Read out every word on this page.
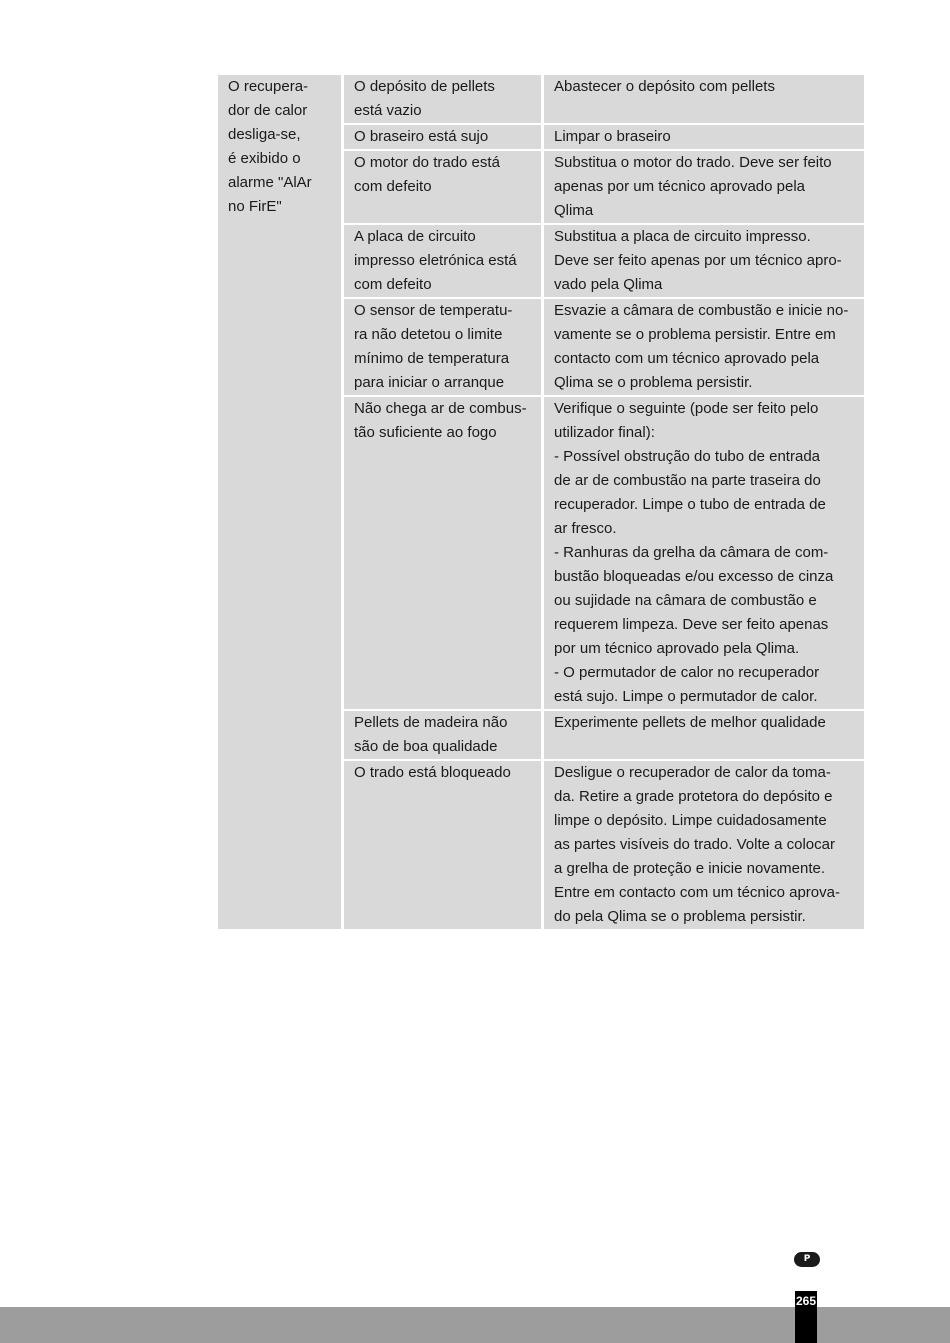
O recupera-
dor de calor
desliga-se,
é exibido o
alarme "AlAr
no FirE"
O depósito de pellets
está vazio
Abastecer o depósito com pellets
O braseiro está sujo	Limpar o braseiro
O motor do trado está
com defeito
Substitua o motor do trado. Deve ser feito
apenas por um técnico aprovado pela
Qlima
A placa de circuito
impresso eletrónica está
com defeito
Substitua a placa de circuito impresso.
Deve ser feito apenas por um técnico apro-
vado pela Qlima
O sensor de temperatu-
ra não detetou o limite
mínimo de temperatura
para iniciar o arranque
Esvazie a câmara de combustão e inicie no-
vamente se o problema persistir. Entre em
contacto com um técnico aprovado pela
Qlima se o problema persistir.
Não chega ar de combus-
tão suficiente ao fogo
Verifique o seguinte (pode ser feito pelo
utilizador final):
- Possível obstrução do tubo de entrada
de ar de combustão na parte traseira do
recuperador. Limpe o tubo de entrada de
ar fresco.
- Ranhuras da grelha da câmara de com-
bustão bloqueadas e/ou excesso de cinza
ou sujidade na câmara de combustão e
requerem limpeza. Deve ser feito apenas
por um técnico aprovado pela Qlima.
- O permutador de calor no recuperador
está sujo. Limpe o permutador de calor.
Pellets de madeira não
são de boa qualidade
Experimente pellets de melhor qualidade
O trado está bloqueado	Desligue o recuperador de calor da toma-
da. Retire a grade protetora do depósito e
limpe o depósito. Limpe cuidadosamente
as partes visíveis do trado. Volte a colocar
a grelha de proteção e inicie novamente.
Entre em contacto com um técnico aprova-
do pela Qlima se o problema persistir.
P
265
